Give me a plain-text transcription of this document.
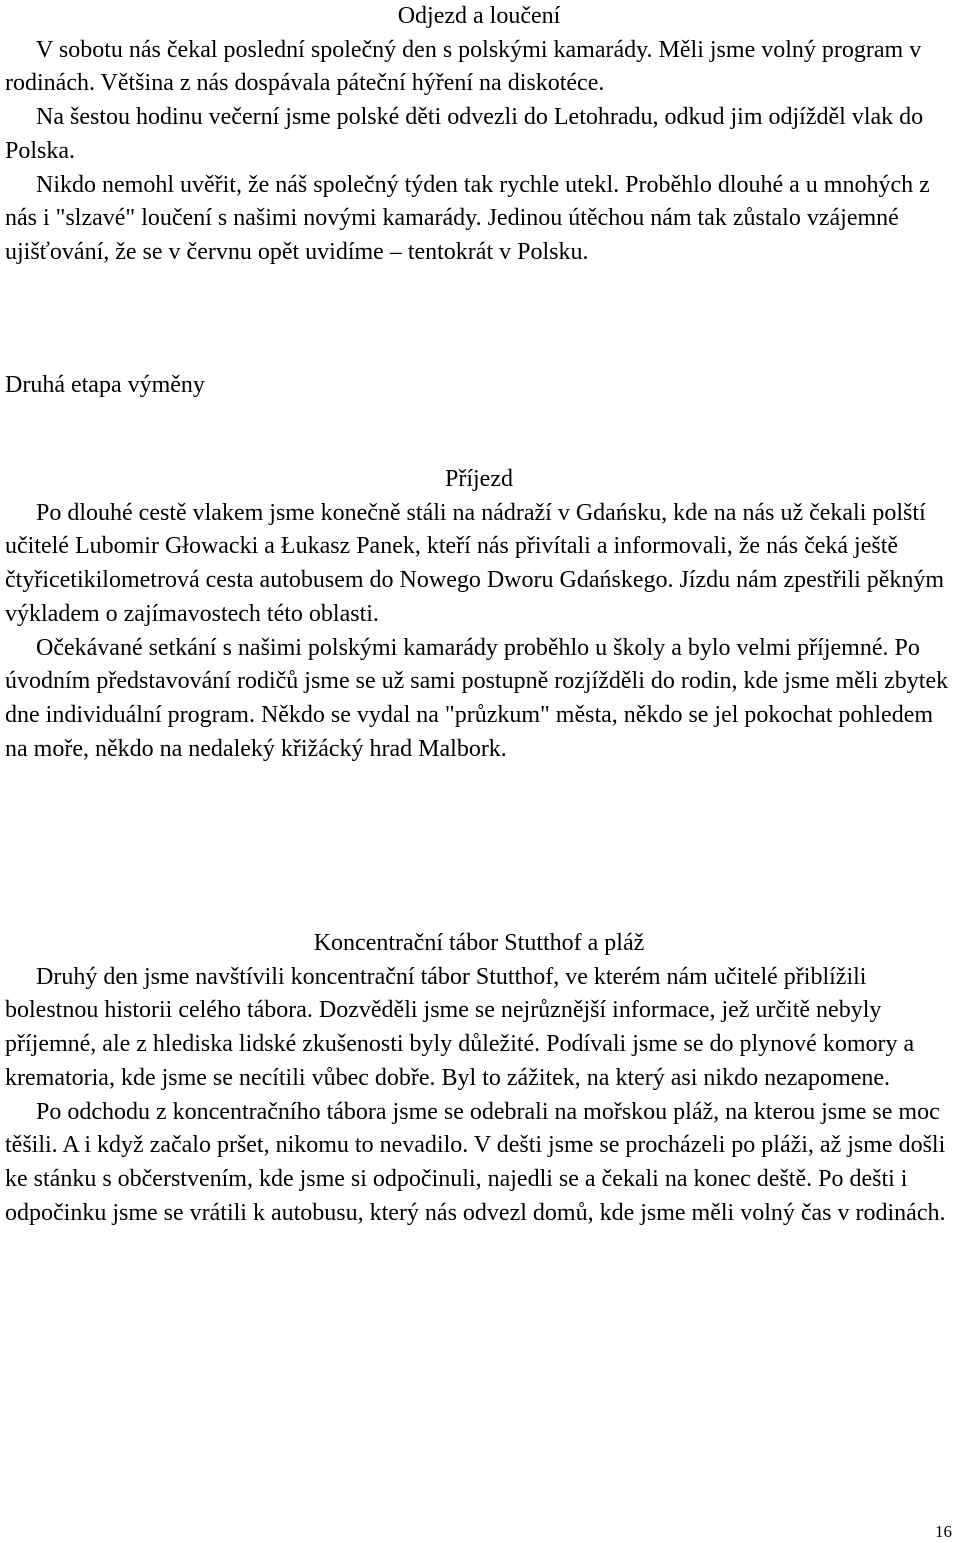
Odjezd a loučení

V sobotu nás čekal poslední společný den s polskými kamarády. Měli jsme volný program v rodinách. Většina z nás dospávala páteční hýření na diskotéce.

Na šestou hodinu večerní jsme polské děti odvezli do Letohradu, odkud jim odjížděl vlak do Polska.

Nikdo nemohl uvěřit, že náš společný týden tak rychle utekl. Proběhlo dlouhé a u mnohých z nás i "slzavé" loučení s našimi novými kamarády. Jedinou útěchou nám tak zůstalo vzájemné ujišťování, že se v červnu opět uvidíme – tentokrát v Polsku.

Druhá etapa výměny

Příjezd

Po dlouhé cestě vlakem jsme konečně stáli na nádraží v Gdańsku, kde na nás už čekali polští učitelé Lubomir Głowacki a Łukasz Panek, kteří nás přivítali a informovali, že nás čeká ještě čtyřicetikilometrová cesta autobusem do Nowego Dworu Gdańskego. Jízdu nám zpestřili pěkným výkladem o zajímavostech této oblasti.

Očekávané setkání s našimi polskými kamarády proběhlo u školy a bylo velmi příjemné. Po úvodním představování rodičů jsme se už sami postupně rozjížděli do rodin, kde jsme měli zbytek dne individuální program. Někdo se vydal na "průzkum" města, někdo se jel pokochat pohledem na moře, někdo na nedaleký křižácký hrad Malbork.

Koncentrační tábor Stutthof a pláž

Druhý den jsme navštívili koncentrační tábor Stutthof, ve kterém nám učitelé přiblížili bolestnou historii celého tábora. Dozvěděli jsme se nejrůznější informace, jež určitě nebyly příjemné, ale z hlediska lidské zkušenosti byly důležité. Podívali jsme se do plynové komory a krematoria, kde jsme se necítili vůbec dobře. Byl to zážitek, na který asi nikdo nezapomene.

Po odchodu z koncentračního tábora jsme se odebrali na mořskou pláž, na kterou jsme se moc těšili. A i když začalo pršet, nikomu to nevadilo. V dešti jsme se procházeli po pláži, až jsme došli ke stánku s občerstvením, kde jsme si odpočinuli, najedli se a čekali na konec deště. Po dešti i odpočinku jsme se vrátili k autobusu, který nás odvezl domů, kde jsme měli volný čas v rodinách.

16
